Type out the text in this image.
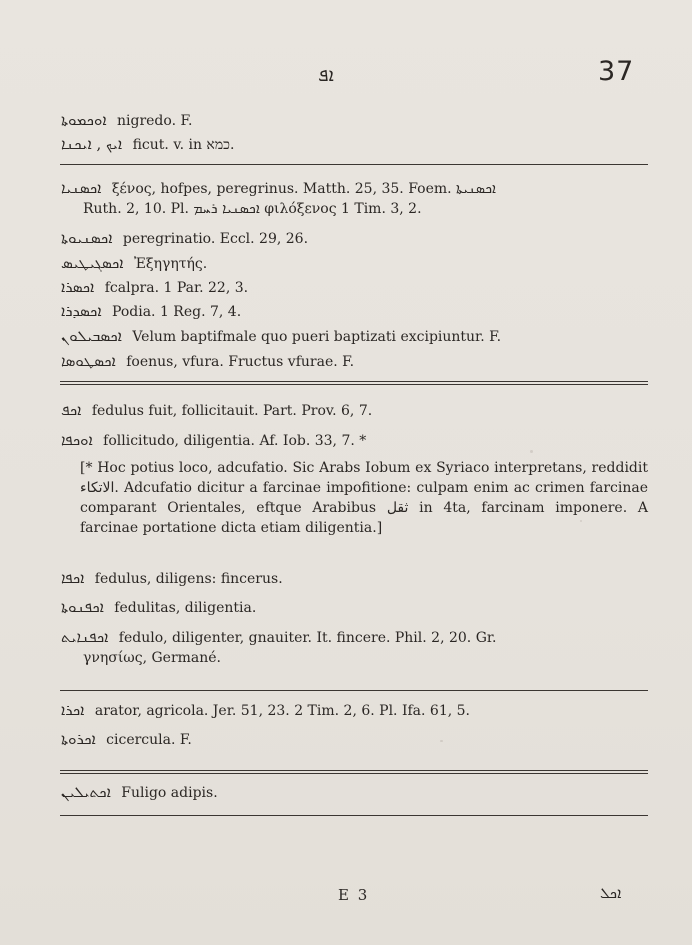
ܐܦ	37
ܐܘܟܡܘܬܐ nigredo. F.
ܐܝܟ , ܐܝܟܢܐ ficut. v. in כמא.
ܐܟܣܢܝܐ ξένος, hofpes, peregrinus. Matth. 25, 35. Foem. ܐܟܣܢܝܬܐ
Ruth. 2, 10. Pl. ܐܟܣܢܝܐ ܪܚܡ φιλόξενος 1 Tim. 3, 2.
ܐܟܣܢܝܘܬܐ peregrinatio. Eccl. 29, 26.
ܐܟܣܓܝܛܝܣ Ἐξηγητής.
ܐܟܣܪܐ fcalpra. 1 Par. 22, 3.
ܐܟܣܕܪܐ Podia. 1 Reg. 7, 4.
ܐܟܣܒܝܠܘܢ Velum baptifmale quo pueri baptizati excipiuntur. F.
ܐܟܣܛܘܣܐ foenus, vfura. Fructus vfurae. F.
ܐܟܦ fedulus fuit, follicitauit. Part. Prov. 6, 7.
ܐܘܟܦܐ follicitudo, diligentia. Af. Iob. 33, 7. *
[* Hoc potius loco, adcufatio. Sic Arabs Iobum ex Syriaco interpretans, reddidit الاتكاء. Adcufatio dicitur a farcinae impofitione: culpam enim ac crimen farcinae comparant Orientales, eftque Arabibus ثقل in 4ta, farcinam imponere. A farcinae portatione dicta etiam diligentia.]
ܐܟܦܐ fedulus, diligens: fincerus.
ܐܟܦܢܘܬܐ fedulitas, diligentia.
ܐܟܦܢܐܝܬ fedulo, diligenter, gnauiter. It. fincere. Phil. 2, 20. Gr.
γνησίως, Germané.
ܐܟܪܐ arator, agricola. Jer. 51, 23. 2 Tim. 2, 6. Pl. Ifa. 61, 5.
ܐܟܪܘܬܐ cicercula. F.
ܐܟܬܝܠܝܢ Fuligo adipis.
E 3	ܐܟܠ
